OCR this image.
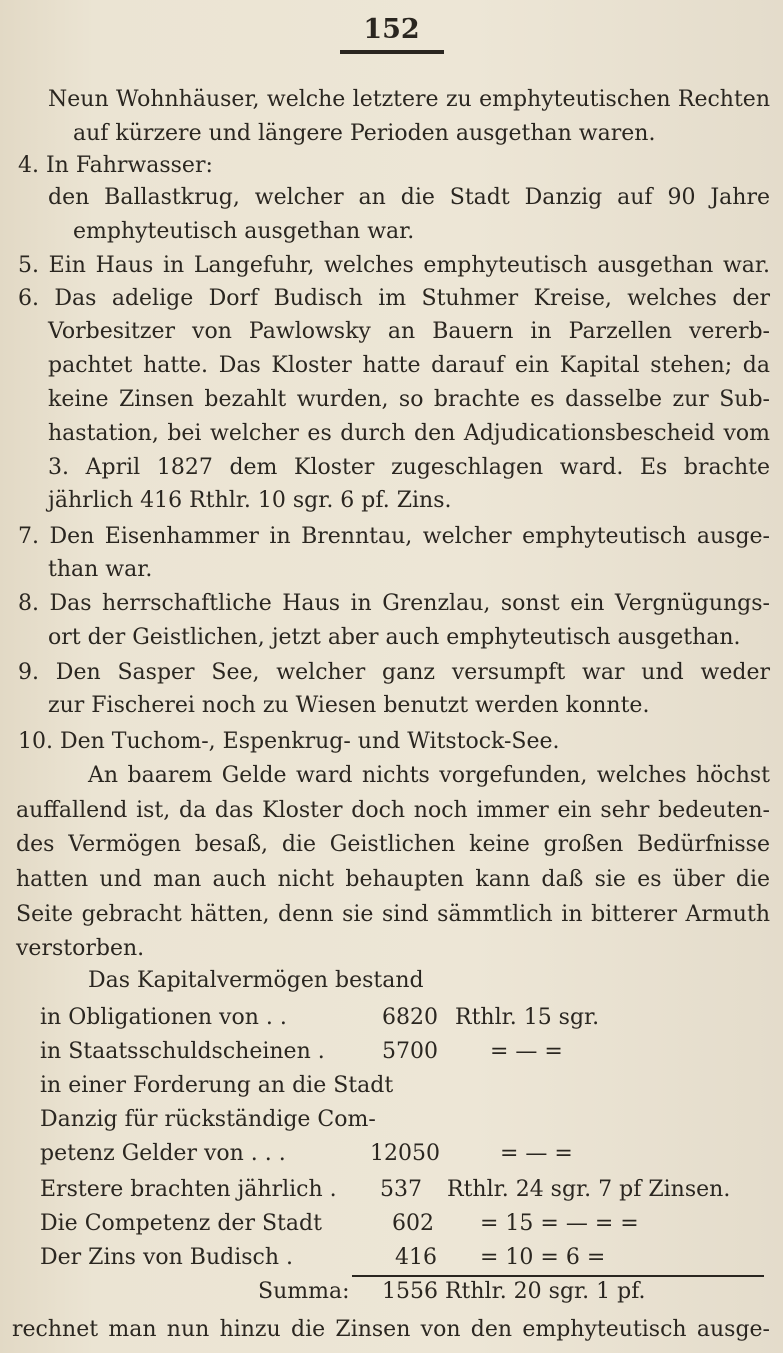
152
Neun Wohnhäuser, welche letztere zu emphyteutischen Rechten
auf kürzere und längere Perioden ausgethan waren.
4. In Fahrwasser:
den Ballastkrug, welcher an die Stadt Danzig auf 90 Jahre
emphyteutisch ausgethan war.
5. Ein Haus in Langefuhr, welches emphyteutisch ausgethan war.
6. Das adelige Dorf Budisch im Stuhmer Kreise, welches der
Vorbesitzer von Pawlowsky an Bauern in Parzellen vererb-
pachtet hatte. Das Kloster hatte darauf ein Kapital stehen; da
keine Zinsen bezahlt wurden, so brachte es dasselbe zur Sub-
hastation, bei welcher es durch den Adjudicationsbescheid vom
3. April 1827 dem Kloster zugeschlagen ward. Es brachte
jährlich 416 Rthlr. 10 sgr. 6 pf. Zins.
7. Den Eisenhammer in Brenntau, welcher emphyteutisch ausge-
than war.
8. Das herrschaftliche Haus in Grenzlau, sonst ein Vergnügungs-
ort der Geistlichen, jetzt aber auch emphyteutisch ausgethan.
9. Den Sasper See, welcher ganz versumpft war und weder
zur Fischerei noch zu Wiesen benutzt werden konnte.
10. Den Tuchom-, Espenkrug- und Witstock-See.
An baarem Gelde ward nichts vorgefunden, welches höchst
auffallend ist, da das Kloster doch noch immer ein sehr bedeuten-
des Vermögen besaß, die Geistlichen keine großen Bedürfnisse
hatten und man auch nicht behaupten kann daß sie es über die
Seite gebracht hätten, denn sie sind sämmtlich in bitterer Armuth
verstorben.
Das Kapitalvermögen bestand
in Obligationen von . .	6820 Rthlr. 15 sgr.
in Staatsschuldscheinen .	5700 = — =
in einer Forderung an die Stadt
Danzig für rückständige Com-
petenz Gelder von . . .	12050	= — =
Erstere brachten jährlich . 537 Rthlr. 24 sgr. 7 pf Zinsen.
Die Competenz der Stadt	602 = 15 = — = =
Der Zins von Budisch .	416 = 10 = 6 =
Summa: 1556 Rthlr. 20 sgr. 1 pf.
rechnet man nun hinzu die Zinsen von den emphyteutisch ausge-
